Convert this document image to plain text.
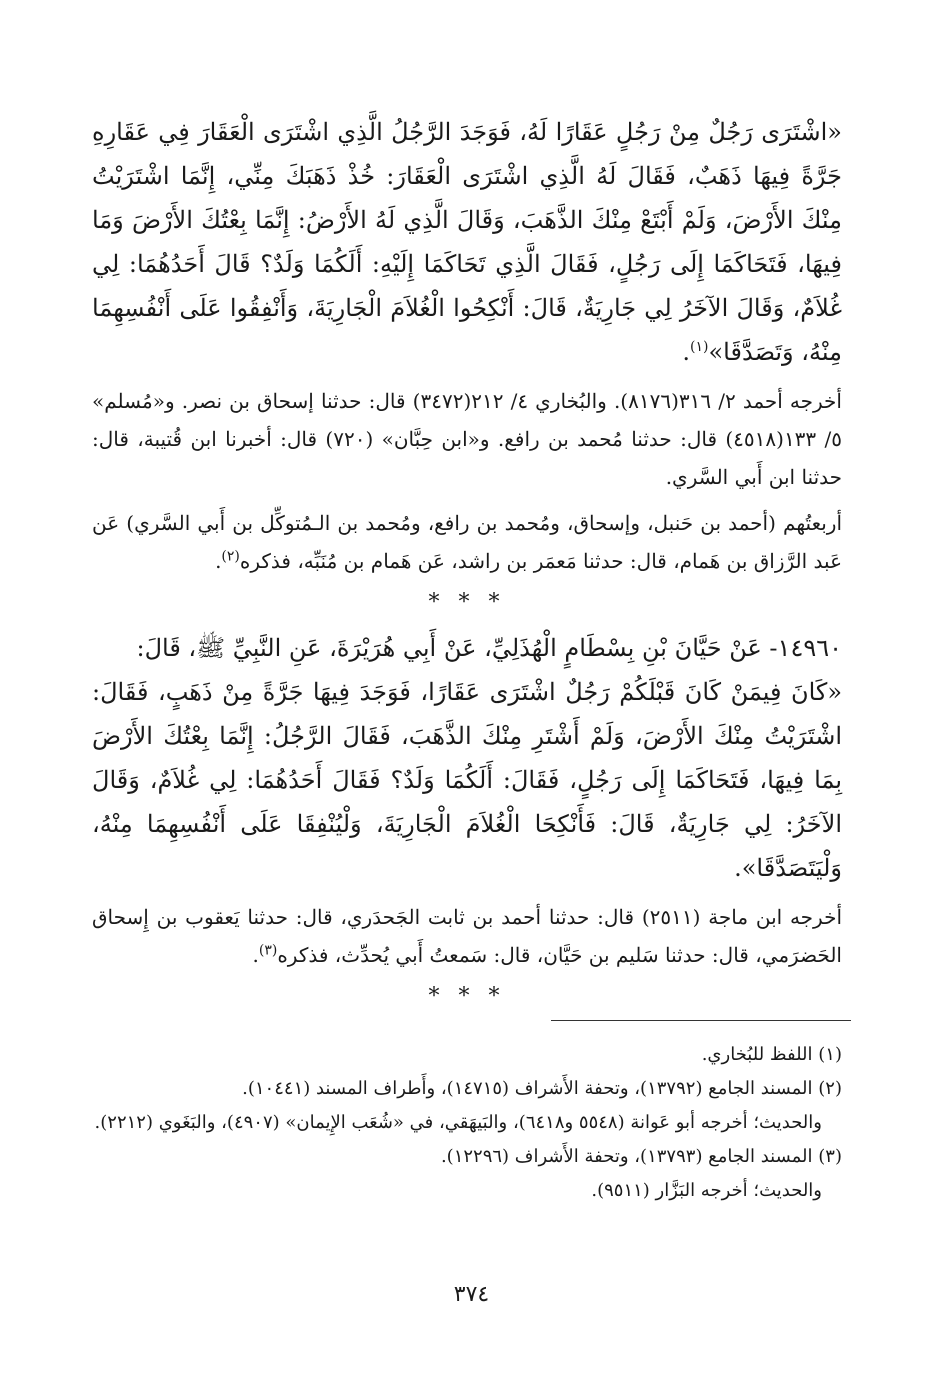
«اشْتَرَى رَجُلٌ مِنْ رَجُلٍ عَقَارًا لَهُ، فَوَجَدَ الرَّجُلُ الَّذِي اشْتَرَى الْعَقَارَ فِي عَقَارِهِ جَرَّةً فِيهَا ذَهَبٌ، فَقَالَ لَهُ الَّذِي اشْتَرَى الْعَقَارَ: خُذْ ذَهَبَكَ مِنِّي، إِنَّمَا اشْتَرَيْتُ مِنْكَ الأَرْضَ، وَلَمْ أَبْتَعْ مِنْكَ الذَّهَبَ، وَقَالَ الَّذِي لَهُ الأَرْضُ: إِنَّمَا بِعْتُكَ الأَرْضَ وَمَا فِيهَا، فَتَحَاكَمَا إِلَى رَجُلٍ، فَقَالَ الَّذِي تَحَاكَمَا إِلَيْهِ: أَلَكُمَا وَلَدٌ؟ قَالَ أَحَدُهُمَا: لِي غُلاَمٌ، وَقَالَ الآخَرُ لِي جَارِيَةٌ، قَالَ: أَنْكِحُوا الْغُلاَمَ الْجَارِيَةَ، وَأَنْفِقُوا عَلَى أَنْفُسِهِمَا مِنْهُ، وَتَصَدَّقَا»$^{(١)}$.

أخرجه أحمد ٢/ ٣١٦(٨١٧٦). والبُخاري ٤/ ٢١٢(٣٤٧٢) قال: حدثنا إسحاق بن نصر. و«مُسلم» ٥/ ١٣٣(٤٥١٨) قال: حدثنا مُحمد بن رافع. و«ابن حِبَّان» (٧٢٠) قال: أخبرنا ابن قُتيبة، قال: حدثنا ابن أَبي السَّري.

أربعتُهم (أحمد بن حَنبل، وإسحاق، ومُحمد بن رافع، ومُحمد بن الـمُتوكِّل بن أَبي السَّري) عَن عَبد الرَّزاق بن هَمام، قال: حدثنا مَعمَر بن راشد، عَن هَمام بن مُنَبِّه، فذكره$^{(٢)}$.

* * *

١٤٩٦٠- عَنْ حَيَّانَ بْنِ بِسْطَامٍ الْهُذَلِيِّ، عَنْ أَبِي هُرَيْرَةَ، عَنِ النَّبِيِّ ﷺ، قَالَ:

«كَانَ فِيمَنْ كَانَ قَبْلَكُمْ رَجُلٌ اشْتَرَى عَقَارًا، فَوَجَدَ فِيهَا جَرَّةً مِنْ ذَهَبٍ، فَقَالَ: اشْتَرَيْتُ مِنْكَ الأَرْضَ، وَلَمْ أَشْتَرِ مِنْكَ الذَّهَبَ، فَقَالَ الرَّجُلُ: إِنَّمَا بِعْتُكَ الأَرْضَ بِمَا فِيهَا، فَتَحَاكَمَا إِلَى رَجُلٍ، فَقَالَ: أَلَكُمَا وَلَدٌ؟ فَقَالَ أَحَدُهُمَا: لِي غُلاَمٌ، وَقَالَ الآخَرُ: لِي جَارِيَةٌ، قَالَ: فَأَنْكِحَا الْغُلاَمَ الْجَارِيَةَ، وَلْيُنْفِقَا عَلَى أَنْفُسِهِمَا مِنْهُ، وَلْيَتَصَدَّقَا».

أخرجه ابن ماجة (٢٥١١) قال: حدثنا أحمد بن ثابت الجَحدَري، قال: حدثنا يَعقوب بن إِسحاق الحَضرَمي، قال: حدثنا سَليم بن حَيَّان، قال: سَمعتُ أَبي يُحدِّث، فذكره$^{(٣)}$.

* * *

(١) اللفظ للبُخاري.

(٢) المسند الجامع (١٣٧٩٢)، وتحفة الأَشراف (١٤٧١٥)، وأَطراف المسند (١٠٤٤١).

والحديث؛ أخرجه أبو عَوانة (٥٥٤٨ و٦٤١٨)، والبَيهَقي، في «شُعَب الإِيمان» (٤٩٠٧)، والبَغَوي (٢٢١٢).

(٣) المسند الجامع (١٣٧٩٣)، وتحفة الأَشراف (١٢٢٩٦).

والحديث؛ أخرجه البَزَّار (٩٥١١).

٣٧٤
